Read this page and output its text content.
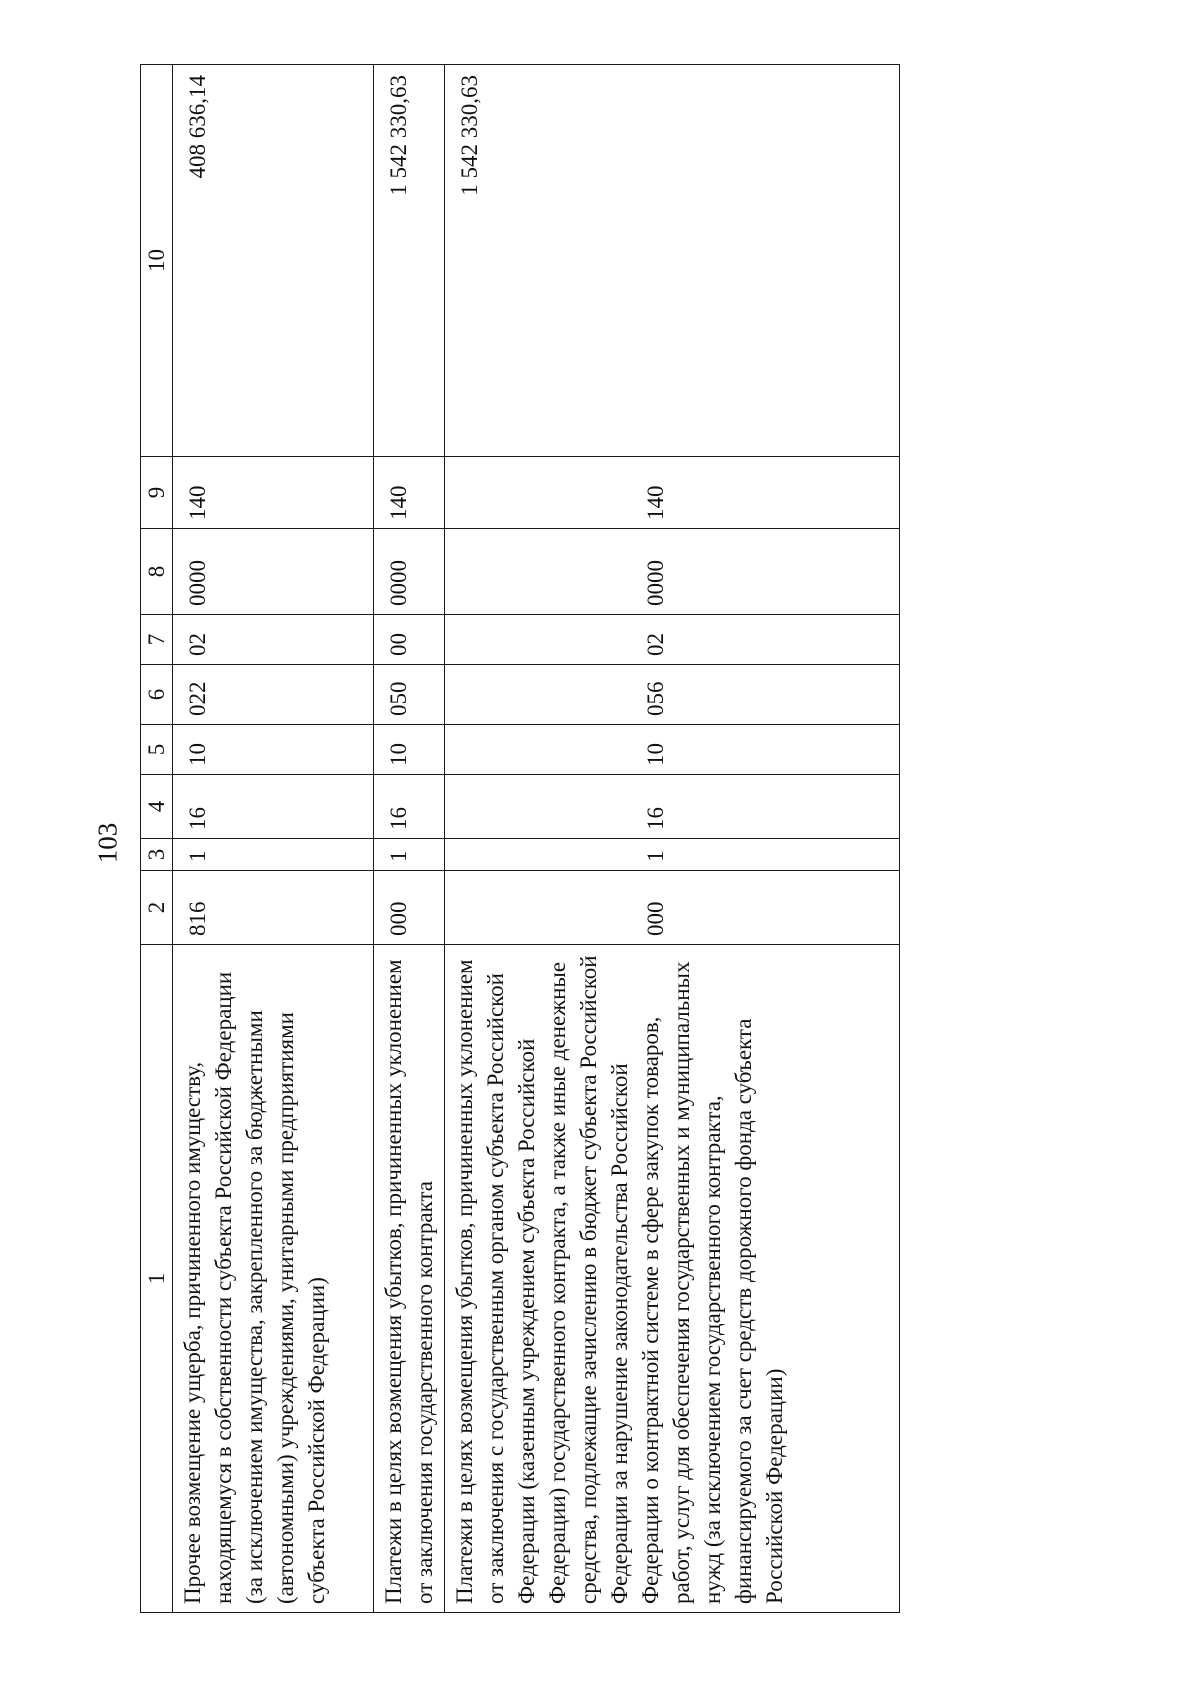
103
1	2	3	4	5	6	7	8	9	10
Прочее возмещение ущерба, причиненного имуществу, находящемуся в собственности субъекта Российской Федерации (за исключением имущества, закрепленного за бюджетными (автономными) учреждениями, унитарными предприятиями субъекта Российской Федерации)	816	1	16	10	022	02	0000	140	408 636,14
Платежи в целях возмещения убытков, причиненных уклонением от заключения государственного контракта	000	1	16	10	050	00	0000	140	1 542 330,63
Платежи в целях возмещения убытков, причиненных уклонением от заключения с государственным органом субъекта Российской Федерации (казенным учреждением субъекта Российской Федерации) государственного контракта, а также иные денежные средства, подлежащие зачислению в бюджет субъекта Российской Федерации за нарушение законодательства Российской Федерации о контрактной системе в сфере закупок товаров, работ, услуг для обеспечения государственных и муниципальных нужд (за исключением государственного контракта, финансируемого за счет средств дорожного фонда субъекта Российской Федерации)	000	1	16	10	056	02	0000	140	1 542 330,63
